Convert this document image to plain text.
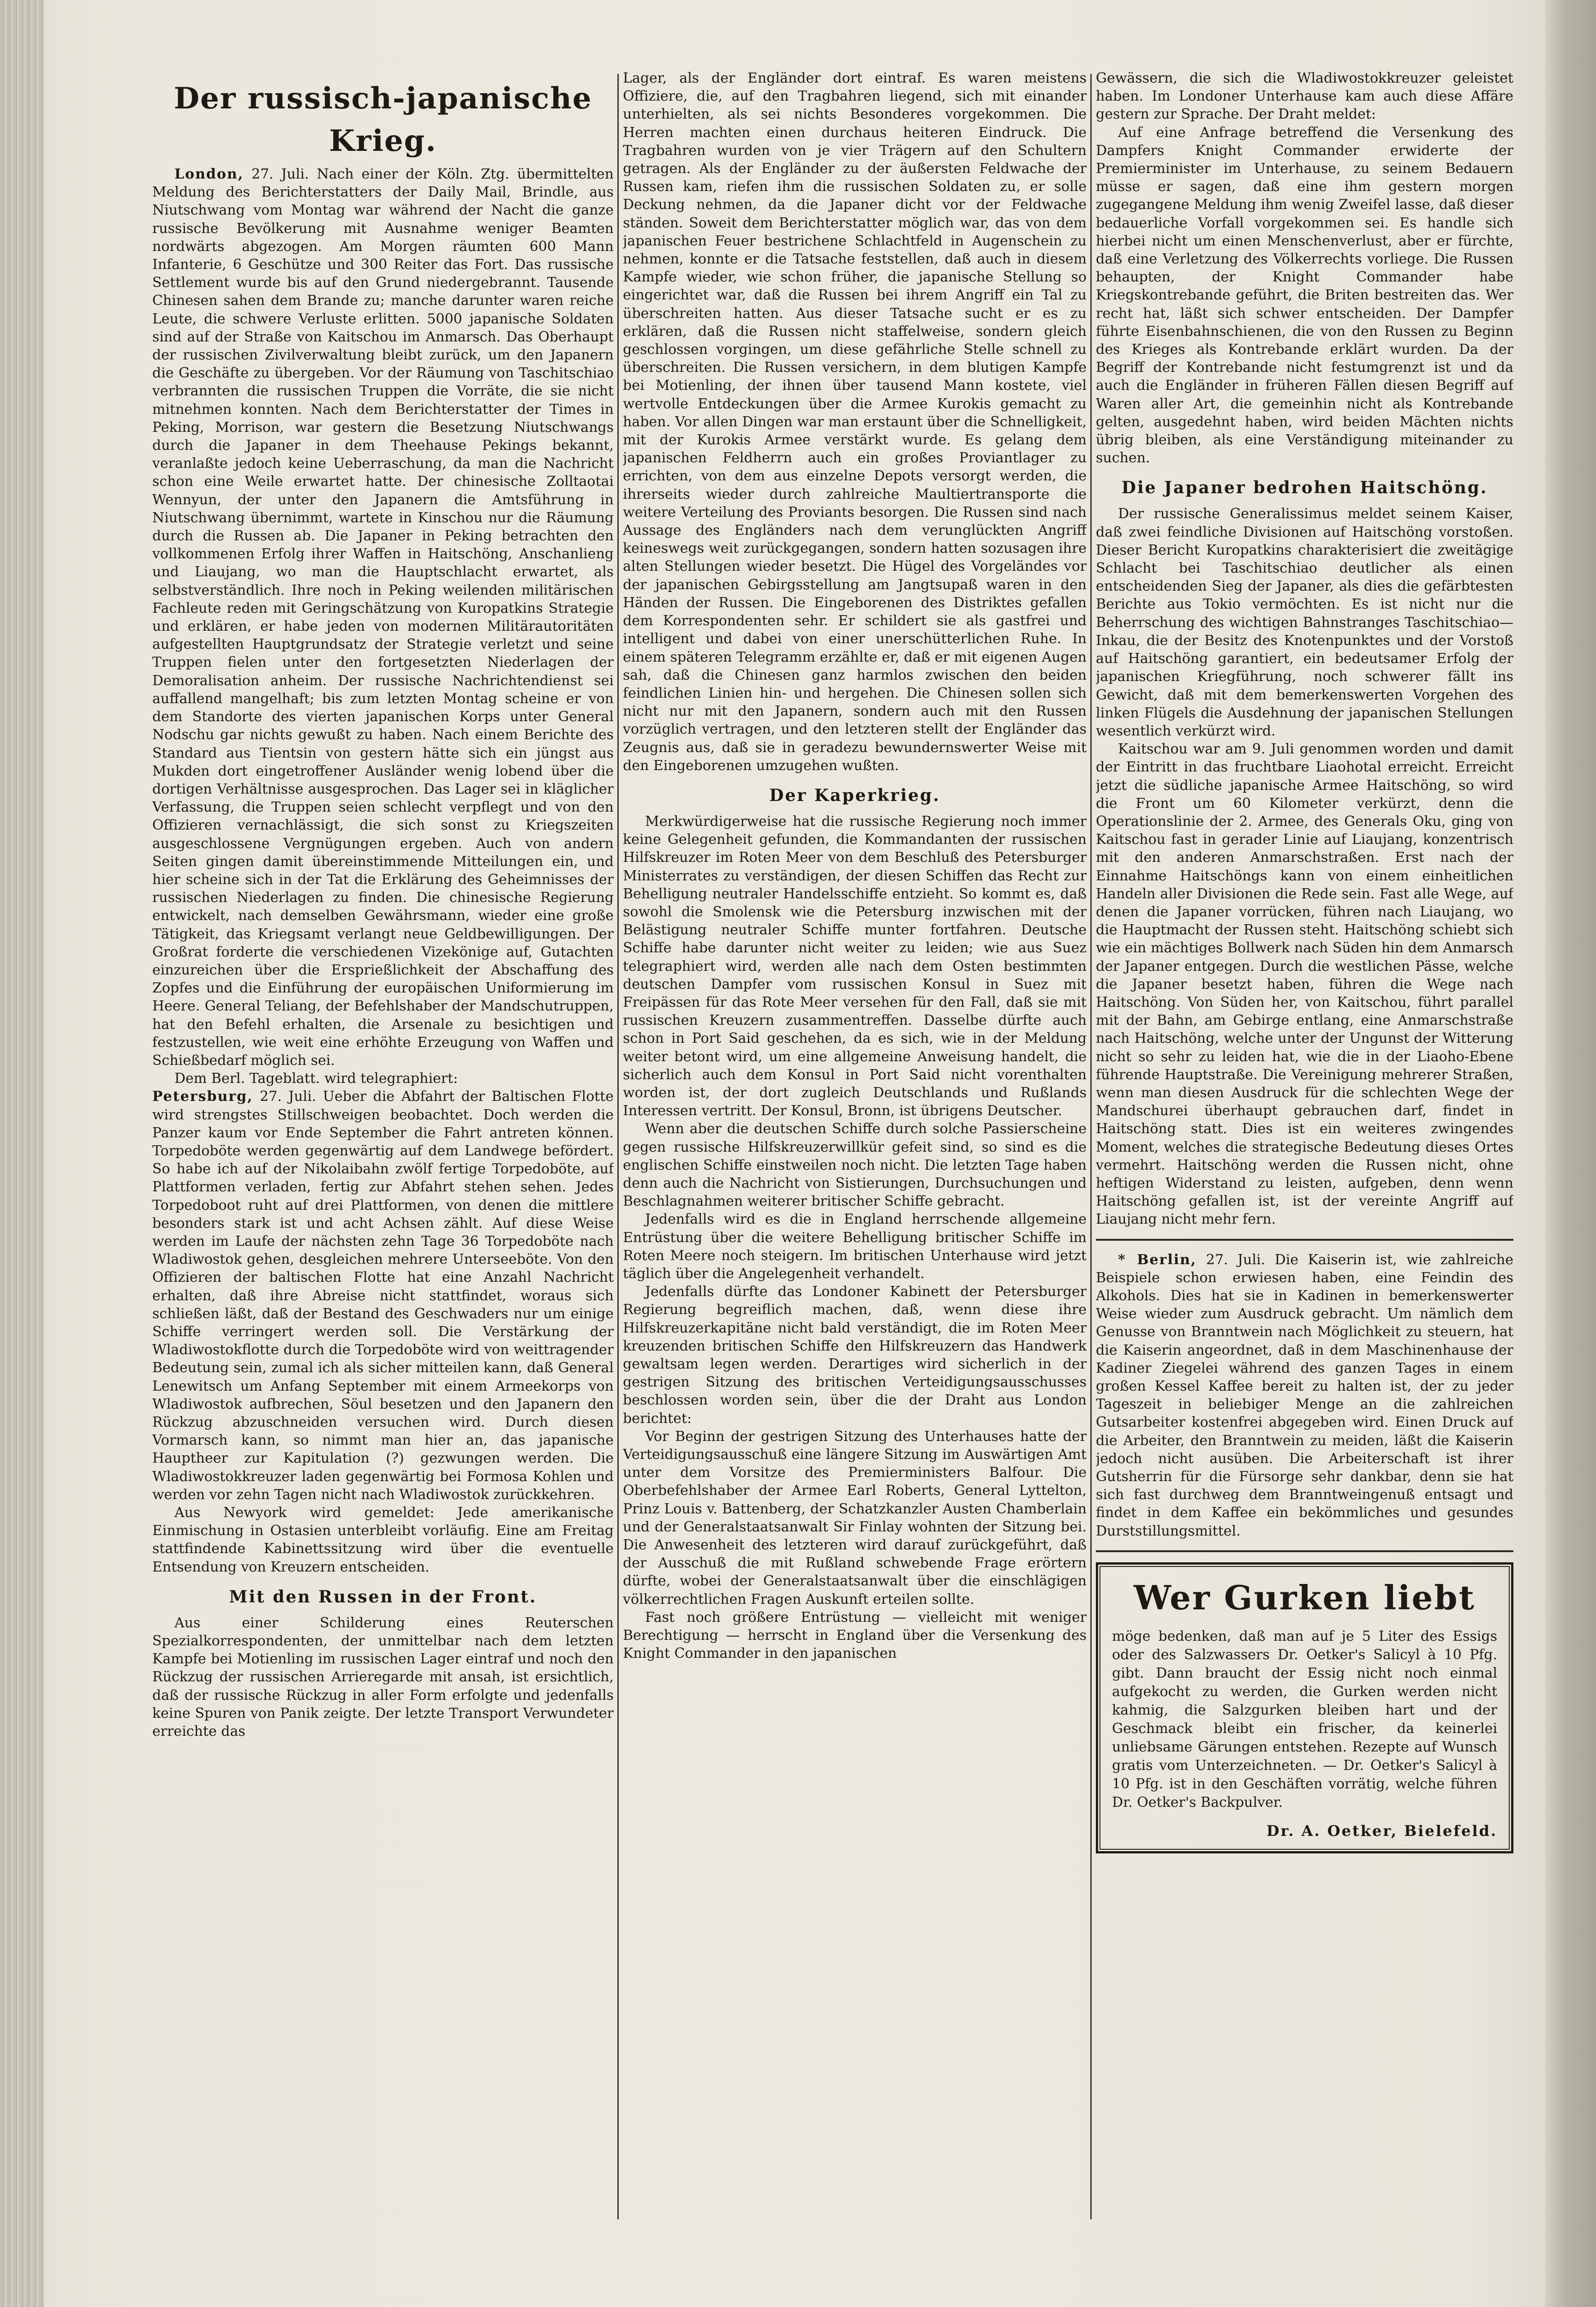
Der russisch-japanische Krieg.

London, 27. Juli. Nach einer der Köln. Ztg. übermittelten Meldung des Berichterstatters der Daily Mail, Brindle, aus Niutschwang vom Montag war während der Nacht die ganze russische Bevölkerung mit Ausnahme weniger Beamten nordwärts abgezogen. Am Morgen räumten 600 Mann Infanterie, 6 Geschütze und 300 Reiter das Fort. Das russische Settlement wurde bis auf den Grund niedergebrannt. Tausende Chinesen sahen dem Brande zu; manche darunter waren reiche Leute, die schwere Verluste erlitten. 5000 japanische Soldaten sind auf der Straße von Kaitschou im Anmarsch. Das Oberhaupt der russischen Zivilverwaltung bleibt zurück, um den Japanern die Geschäfte zu übergeben. Vor der Räumung von Taschitschiao verbrannten die russischen Truppen die Vorräte, die sie nicht mitnehmen konnten. Nach dem Berichterstatter der Times in Peking, Morrison, war gestern die Besetzung Niutschwangs durch die Japaner in dem Theehause Pekings bekannt, veranlaßte jedoch keine Ueberraschung, da man die Nachricht schon eine Weile erwartet hatte. Der chinesische Zolltaotai Wennyun, der unter den Japanern die Amtsführung in Niutschwang übernimmt, wartete in Kinschou nur die Räumung durch die Russen ab. Die Japaner in Peking betrachten den vollkommenen Erfolg ihrer Waffen in Haitschöng, Anschanlieng und Liaujang, wo man die Hauptschlacht erwartet, als selbstverständlich. Ihre noch in Peking weilenden militärischen Fachleute reden mit Geringschätzung von Kuropatkins Strategie und erklären, er habe jeden von modernen Militärautoritäten aufgestellten Hauptgrundsatz der Strategie verletzt und seine Truppen fielen unter den fortgesetzten Niederlagen der Demoralisation anheim. Der russische Nachrichtendienst sei auffallend mangelhaft; bis zum letzten Montag scheine er von dem Standorte des vierten japanischen Korps unter General Nodschu gar nichts gewußt zu haben. Nach einem Berichte des Standard aus Tientsin von gestern hätte sich ein jüngst aus Mukden dort eingetroffener Ausländer wenig lobend über die dortigen Verhältnisse ausgesprochen. Das Lager sei in kläglicher Verfassung, die Truppen seien schlecht verpflegt und von den Offizieren vernachlässigt, die sich sonst zu Kriegszeiten ausgeschlossene Vergnügungen ergeben. Auch von andern Seiten gingen damit übereinstimmende Mitteilungen ein, und hier scheine sich in der Tat die Erklärung des Geheimnisses der russischen Niederlagen zu finden. Die chinesische Regierung entwickelt, nach demselben Gewährsmann, wieder eine große Tätigkeit, das Kriegsamt verlangt neue Geldbewilligungen. Der Großrat forderte die verschiedenen Vizekönige auf, Gutachten einzureichen über die Ersprießlichkeit der Abschaffung des Zopfes und die Einführung der europäischen Uniformierung im Heere. General Teliang, der Befehlshaber der Mandschutruppen, hat den Befehl erhalten, die Arsenale zu besichtigen und festzustellen, wie weit eine erhöhte Erzeugung von Waffen und Schießbedarf möglich sei.

Dem Berl. Tageblatt. wird telegraphiert:

Petersburg, 27. Juli. Ueber die Abfahrt der Baltischen Flotte wird strengstes Stillschweigen beobachtet. Doch werden die Panzer kaum vor Ende September die Fahrt antreten können. Torpedoböte werden gegenwärtig auf dem Landwege befördert. So habe ich auf der Nikolaibahn zwölf fertige Torpedoböte, auf Plattformen verladen, fertig zur Abfahrt stehen sehen. Jedes Torpedoboot ruht auf drei Plattformen, von denen die mittlere besonders stark ist und acht Achsen zählt. Auf diese Weise werden im Laufe der nächsten zehn Tage 36 Torpedoböte nach Wladiwostok gehen, desgleichen mehrere Unterseeböte. Von den Offizieren der baltischen Flotte hat eine Anzahl Nachricht erhalten, daß ihre Abreise nicht stattfindet, woraus sich schließen läßt, daß der Bestand des Geschwaders nur um einige Schiffe verringert werden soll. Die Verstärkung der Wladiwostokflotte durch die Torpedoböte wird von weittragender Bedeutung sein, zumal ich als sicher mitteilen kann, daß General Lenewitsch um Anfang September mit einem Armeekorps von Wladiwostok aufbrechen, Söul besetzen und den Japanern den Rückzug abzuschneiden versuchen wird. Durch diesen Vormarsch kann, so nimmt man hier an, das japanische Hauptheer zur Kapitulation (?) gezwungen werden. Die Wladiwostokkreuzer laden gegenwärtig bei Formosa Kohlen und werden vor zehn Tagen nicht nach Wladiwostok zurückkehren.

Aus Newyork wird gemeldet: Jede amerikanische Einmischung in Ostasien unterbleibt vorläufig. Eine am Freitag stattfindende Kabinettssitzung wird über die eventuelle Entsendung von Kreuzern entscheiden.

Mit den Russen in der Front.

Aus einer Schilderung eines Reuterschen Spezialkorrespondenten, der unmittelbar nach dem letzten Kampfe bei Motienling im russischen Lager eintraf und noch den Rückzug der russischen Arrieregarde mit ansah, ist ersichtlich, daß der russische Rückzug in aller Form erfolgte und jedenfalls keine Spuren von Panik zeigte. Der letzte Transport Verwundeter erreichte das

Lager, als der Engländer dort eintraf. Es waren meistens Offiziere, die, auf den Tragbahren liegend, sich mit einander unterhielten, als sei nichts Besonderes vorgekommen. Die Herren machten einen durchaus heiteren Eindruck. Die Tragbahren wurden von je vier Trägern auf den Schultern getragen. Als der Engländer zu der äußersten Feldwache der Russen kam, riefen ihm die russischen Soldaten zu, er solle Deckung nehmen, da die Japaner dicht vor der Feldwache ständen. Soweit dem Berichterstatter möglich war, das von dem japanischen Feuer bestrichene Schlachtfeld in Augenschein zu nehmen, konnte er die Tatsache feststellen, daß auch in diesem Kampfe wieder, wie schon früher, die japanische Stellung so eingerichtet war, daß die Russen bei ihrem Angriff ein Tal zu überschreiten hatten. Aus dieser Tatsache sucht er es zu erklären, daß die Russen nicht staffelweise, sondern gleich geschlossen vorgingen, um diese gefährliche Stelle schnell zu überschreiten. Die Russen versichern, in dem blutigen Kampfe bei Motienling, der ihnen über tausend Mann kostete, viel wertvolle Entdeckungen über die Armee Kurokis gemacht zu haben. Vor allen Dingen war man erstaunt über die Schnelligkeit, mit der Kurokis Armee verstärkt wurde. Es gelang dem japanischen Feldherrn auch ein großes Proviantlager zu errichten, von dem aus einzelne Depots versorgt werden, die ihrerseits wieder durch zahlreiche Maultiertransporte die weitere Verteilung des Proviants besorgen. Die Russen sind nach Aussage des Engländers nach dem verunglückten Angriff keineswegs weit zurückgegangen, sondern hatten sozusagen ihre alten Stellungen wieder besetzt. Die Hügel des Vorgeländes vor der japanischen Gebirgsstellung am Jangtsupaß waren in den Händen der Russen. Die Eingeborenen des Distriktes gefallen dem Korrespondenten sehr. Er schildert sie als gastfrei und intelligent und dabei von einer unerschütterlichen Ruhe. In einem späteren Telegramm erzählte er, daß er mit eigenen Augen sah, daß die Chinesen ganz harmlos zwischen den beiden feindlichen Linien hin- und hergehen. Die Chinesen sollen sich nicht nur mit den Japanern, sondern auch mit den Russen vorzüglich vertragen, und den letzteren stellt der Engländer das Zeugnis aus, daß sie in geradezu bewundernswerter Weise mit den Eingeborenen umzugehen wußten.

Der Kaperkrieg.

Merkwürdigerweise hat die russische Regierung noch immer keine Gelegenheit gefunden, die Kommandanten der russischen Hilfskreuzer im Roten Meer von dem Beschluß des Petersburger Ministerrates zu verständigen, der diesen Schiffen das Recht zur Behelligung neutraler Handelsschiffe entzieht. So kommt es, daß sowohl die Smolensk wie die Petersburg inzwischen mit der Belästigung neutraler Schiffe munter fortfahren. Deutsche Schiffe habe darunter nicht weiter zu leiden; wie aus Suez telegraphiert wird, werden alle nach dem Osten bestimmten deutschen Dampfer vom russischen Konsul in Suez mit Freipässen für das Rote Meer versehen für den Fall, daß sie mit russischen Kreuzern zusammentreffen. Dasselbe dürfte auch schon in Port Said geschehen, da es sich, wie in der Meldung weiter betont wird, um eine allgemeine Anweisung handelt, die sicherlich auch dem Konsul in Port Said nicht vorenthalten worden ist, der dort zugleich Deutschlands und Rußlands Interessen vertritt. Der Konsul, Bronn, ist übrigens Deutscher.

Wenn aber die deutschen Schiffe durch solche Passierscheine gegen russische Hilfskreuzerwillkür gefeit sind, so sind es die englischen Schiffe einstweilen noch nicht. Die letzten Tage haben denn auch die Nachricht von Sistierungen, Durchsuchungen und Beschlagnahmen weiterer britischer Schiffe gebracht.

Jedenfalls wird es die in England herrschende allgemeine Entrüstung über die weitere Behelligung britischer Schiffe im Roten Meere noch steigern. Im britischen Unterhause wird jetzt täglich über die Angelegenheit verhandelt.

Jedenfalls dürfte das Londoner Kabinett der Petersburger Regierung begreiflich machen, daß, wenn diese ihre Hilfskreuzerkapitäne nicht bald verständigt, die im Roten Meer kreuzenden britischen Schiffe den Hilfskreuzern das Handwerk gewaltsam legen werden. Derartiges wird sicherlich in der gestrigen Sitzung des britischen Verteidigungsausschusses beschlossen worden sein, über die der Draht aus London berichtet:

Vor Beginn der gestrigen Sitzung des Unterhauses hatte der Verteidigungsausschuß eine längere Sitzung im Auswärtigen Amt unter dem Vorsitze des Premierministers Balfour. Die Oberbefehlshaber der Armee Earl Roberts, General Lyttelton, Prinz Louis v. Battenberg, der Schatzkanzler Austen Chamberlain und der Generalstaatsanwalt Sir Finlay wohnten der Sitzung bei. Die Anwesenheit des letzteren wird darauf zurückgeführt, daß der Ausschuß die mit Rußland schwebende Frage erörtern dürfte, wobei der Generalstaatsanwalt über die einschlägigen völkerrechtlichen Fragen Auskunft erteilen sollte.

Fast noch größere Entrüstung — vielleicht mit weniger Berechtigung — herrscht in England über die Versenkung des Knight Commander in den japanischen

Gewässern, die sich die Wladiwostokkreuzer geleistet haben. Im Londoner Unterhause kam auch diese Affäre gestern zur Sprache. Der Draht meldet:

Auf eine Anfrage betreffend die Versenkung des Dampfers Knight Commander erwiderte der Premierminister im Unterhause, zu seinem Bedauern müsse er sagen, daß eine ihm gestern morgen zugegangene Meldung ihm wenig Zweifel lasse, daß dieser bedauerliche Vorfall vorgekommen sei. Es handle sich hierbei nicht um einen Menschenverlust, aber er fürchte, daß eine Verletzung des Völkerrechts vorliege. Die Russen behaupten, der Knight Commander habe Kriegskontrebande geführt, die Briten bestreiten das. Wer recht hat, läßt sich schwer entscheiden. Der Dampfer führte Eisenbahnschienen, die von den Russen zu Beginn des Krieges als Kontrebande erklärt wurden. Da der Begriff der Kontrebande nicht festumgrenzt ist und da auch die Engländer in früheren Fällen diesen Begriff auf Waren aller Art, die gemeinhin nicht als Kontrebande gelten, ausgedehnt haben, wird beiden Mächten nichts übrig bleiben, als eine Verständigung miteinander zu suchen.

Die Japaner bedrohen Haitschöng.

Der russische Generalissimus meldet seinem Kaiser, daß zwei feindliche Divisionen auf Haitschöng vorstoßen. Dieser Bericht Kuropatkins charakterisiert die zweitägige Schlacht bei Taschitschiao deutlicher als einen entscheidenden Sieg der Japaner, als dies die gefärbtesten Berichte aus Tokio vermöchten. Es ist nicht nur die Beherrschung des wichtigen Bahnstranges Taschitschiao—Inkau, die der Besitz des Knotenpunktes und der Vorstoß auf Haitschöng garantiert, ein bedeutsamer Erfolg der japanischen Kriegführung, noch schwerer fällt ins Gewicht, daß mit dem bemerkenswerten Vorgehen des linken Flügels die Ausdehnung der japanischen Stellungen wesentlich verkürzt wird.

Kaitschou war am 9. Juli genommen worden und damit der Eintritt in das fruchtbare Liaohotal erreicht. Erreicht jetzt die südliche japanische Armee Haitschöng, so wird die Front um 60 Kilometer verkürzt, denn die Operationslinie der 2. Armee, des Generals Oku, ging von Kaitschou fast in gerader Linie auf Liaujang, konzentrisch mit den anderen Anmarschstraßen. Erst nach der Einnahme Haitschöngs kann von einem einheitlichen Handeln aller Divisionen die Rede sein. Fast alle Wege, auf denen die Japaner vorrücken, führen nach Liaujang, wo die Hauptmacht der Russen steht. Haitschöng schiebt sich wie ein mächtiges Bollwerk nach Süden hin dem Anmarsch der Japaner entgegen. Durch die westlichen Pässe, welche die Japaner besetzt haben, führen die Wege nach Haitschöng. Von Süden her, von Kaitschou, führt parallel mit der Bahn, am Gebirge entlang, eine Anmarschstraße nach Haitschöng, welche unter der Ungunst der Witterung nicht so sehr zu leiden hat, wie die in der Liaoho-Ebene führende Hauptstraße. Die Vereinigung mehrerer Straßen, wenn man diesen Ausdruck für die schlechten Wege der Mandschurei überhaupt gebrauchen darf, findet in Haitschöng statt. Dies ist ein weiteres zwingendes Moment, welches die strategische Bedeutung dieses Ortes vermehrt. Haitschöng werden die Russen nicht, ohne heftigen Widerstand zu leisten, aufgeben, denn wenn Haitschöng gefallen ist, ist der vereinte Angriff auf Liaujang nicht mehr fern.

* Berlin, 27. Juli. Die Kaiserin ist, wie zahlreiche Beispiele schon erwiesen haben, eine Feindin des Alkohols. Dies hat sie in Kadinen in bemerkenswerter Weise wieder zum Ausdruck gebracht. Um nämlich dem Genusse von Branntwein nach Möglichkeit zu steuern, hat die Kaiserin angeordnet, daß in dem Maschinenhause der Kadiner Ziegelei während des ganzen Tages in einem großen Kessel Kaffee bereit zu halten ist, der zu jeder Tageszeit in beliebiger Menge an die zahlreichen Gutsarbeiter kostenfrei abgegeben wird. Einen Druck auf die Arbeiter, den Branntwein zu meiden, läßt die Kaiserin jedoch nicht ausüben. Die Arbeiterschaft ist ihrer Gutsherrin für die Fürsorge sehr dankbar, denn sie hat sich fast durchweg dem Branntweingenuß entsagt und findet in dem Kaffee ein bekömmliches und gesundes Durststillungsmittel.

Wer Gurken liebt
möge bedenken, daß man auf je 5 Liter des Essigs oder des Salzwassers Dr. Oetker's Salicyl à 10 Pfg. gibt. Dann braucht der Essig nicht noch einmal aufgekocht zu werden, die Gurken werden nicht kahmig, die Salzgurken bleiben hart und der Geschmack bleibt ein frischer, da keinerlei unliebsame Gärungen entstehen. Rezepte auf Wunsch gratis vom Unterzeichneten. — Dr. Oetker's Salicyl à 10 Pfg. ist in den Geschäften vorrätig, welche führen Dr. Oetker's Backpulver.
Dr. A. Oetker, Bielefeld.
